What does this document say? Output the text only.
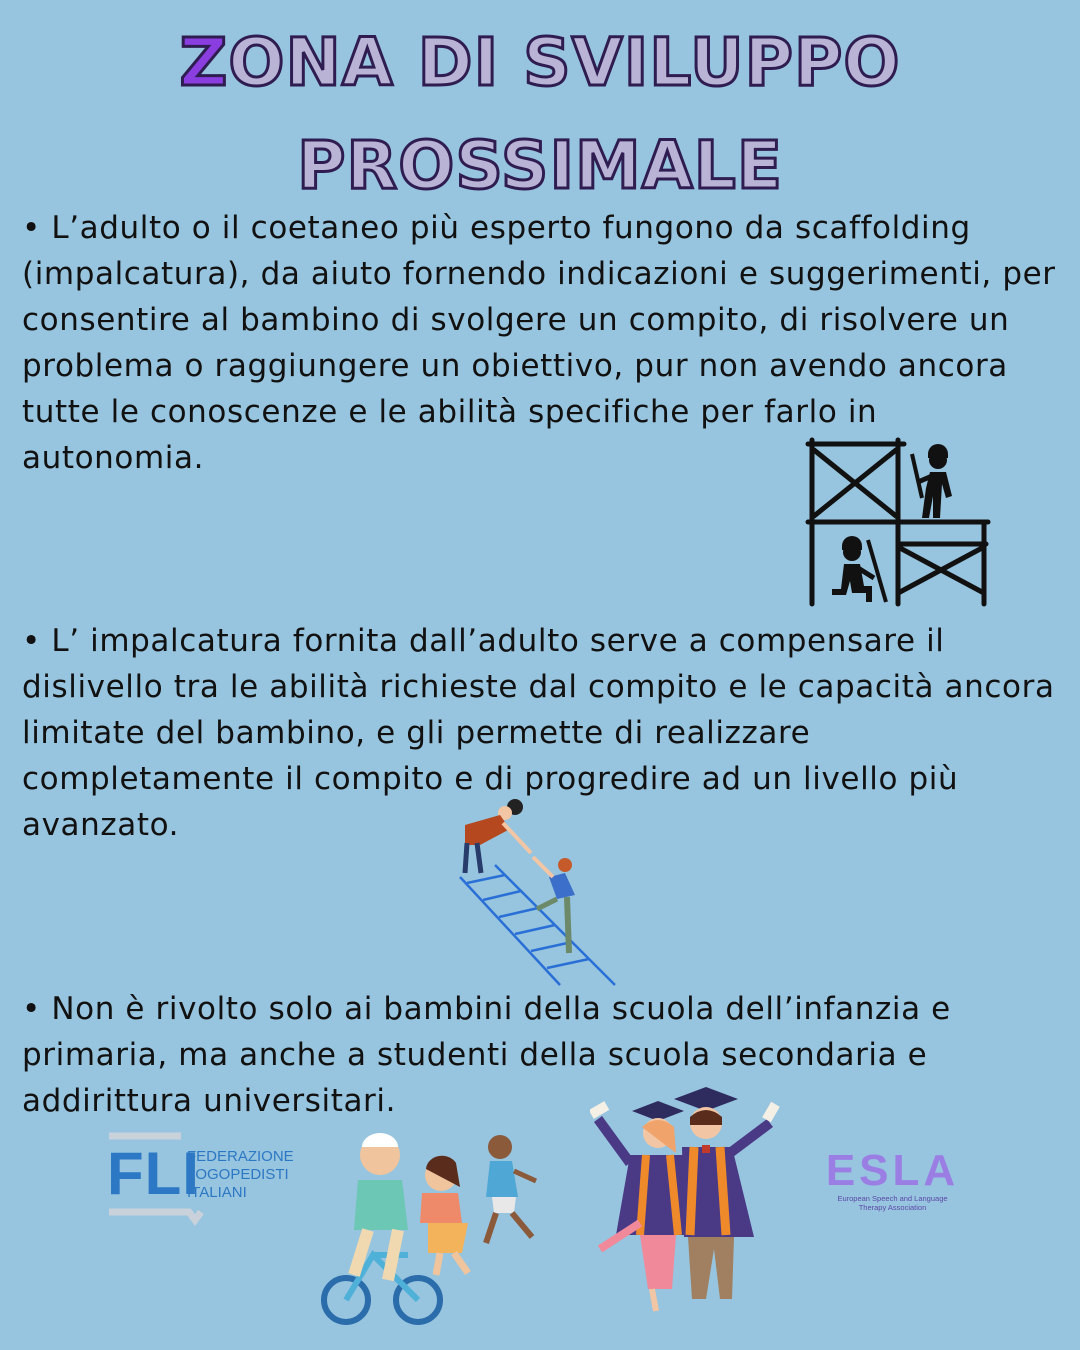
ZONA DI SVILUPPO
PROSSIMALE

• L’adulto o il coetaneo più esperto fungono da scaffolding (impalcatura), da aiuto fornendo indicazioni e suggerimenti, per consentire al bambino di svolgere un compito, di risolvere un problema o raggiungere un obiettivo, pur non avendo ancora tutte le conoscenze e le abilità specifiche per farlo in autonomia.

• L’ impalcatura fornita dall’adulto serve a compensare il dislivello tra le abilità richieste dal compito e le capacità ancora limitate del bambino, e gli permette di realizzare completamente il compito e di progredire ad un livello più avanzato.

• Non è rivolto solo ai bambini della scuola dell’infanzia e primaria, ma anche a studenti della scuola secondaria e addirittura universitari.

FLI
FEDERAZIONE
LOGOPEDISTI
ITALIANI	ESLA
European Speech and Language
Therapy Association
